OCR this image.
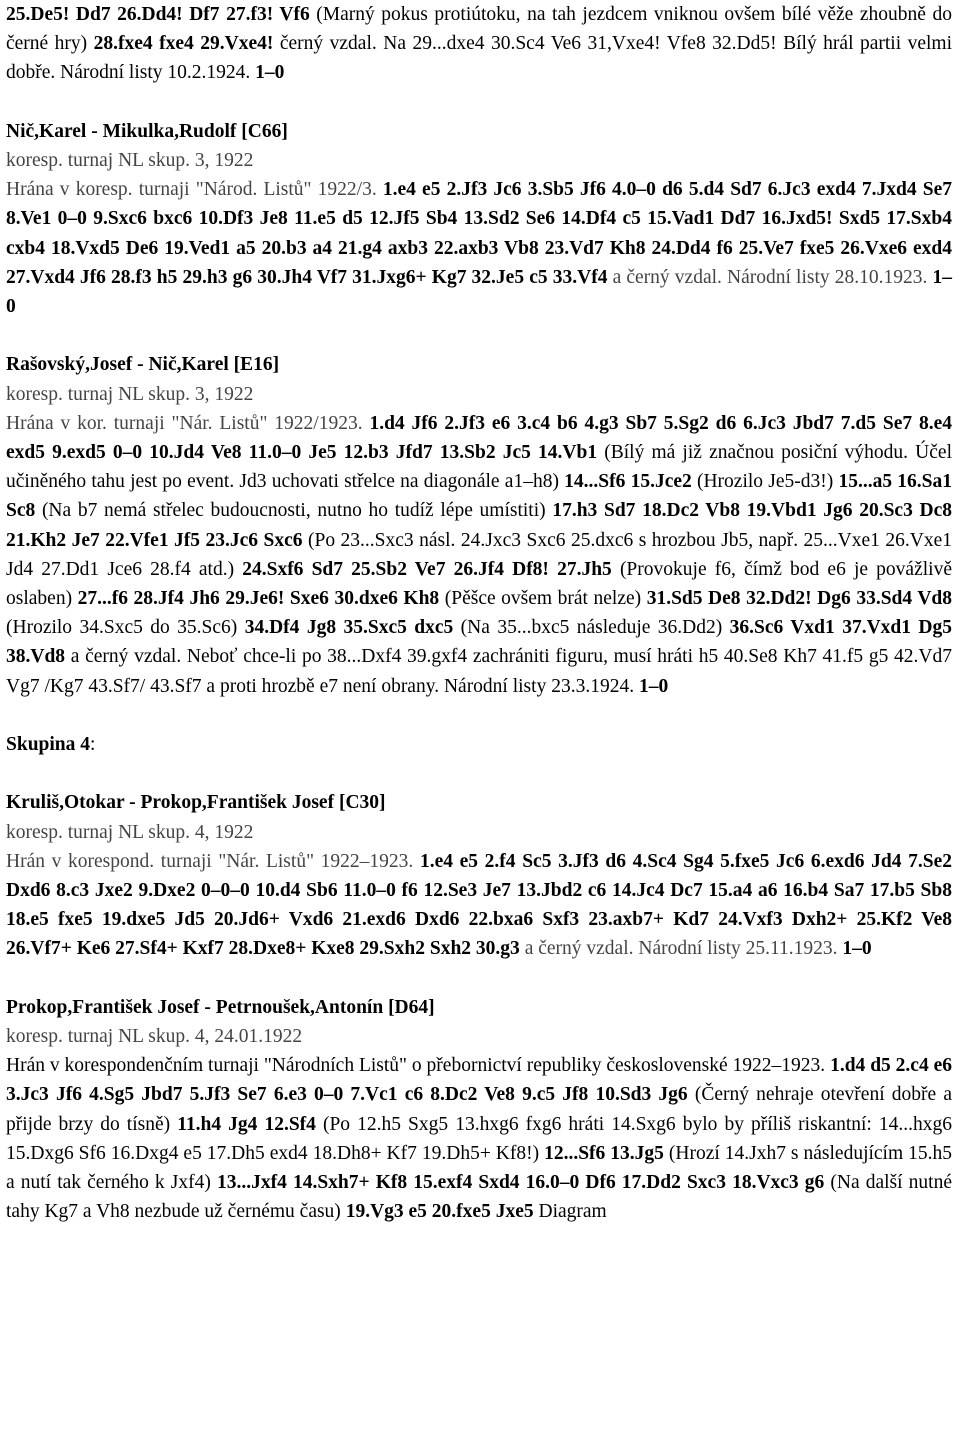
25.De5! Dd7 26.Dd4! Df7 27.f3! Vf6 (Marný pokus protiútoku, na tah jezdcem vniknou ovšem bílé věže zhoubně do černé hry) 28.fxe4 fxe4 29.Vxe4! černý vzdal. Na 29...dxe4 30.Sc4 Ve6 31,Vxe4! Vfe8 32.Dd5! Bílý hrál partii velmi dobře. Národní listy 10.2.1924. 1–0

Nič,Karel - Mikulka,Rudolf [C66]

koresp. turnaj NL skup. 3, 1922

Hrána v koresp. turnaji "Národ. Listů" 1922/3. 1.e4 e5 2.Jf3 Jc6 3.Sb5 Jf6 4.0–0 d6 5.d4 Sd7 6.Jc3 exd4 7.Jxd4 Se7 8.Ve1 0–0 9.Sxc6 bxc6 10.Df3 Je8 11.e5 d5 12.Jf5 Sb4 13.Sd2 Se6 14.Df4 c5 15.Vad1 Dd7 16.Jxd5! Sxd5 17.Sxb4 cxb4 18.Vxd5 De6 19.Ved1 a5 20.b3 a4 21.g4 axb3 22.axb3 Vb8 23.Vd7 Kh8 24.Dd4 f6 25.Ve7 fxe5 26.Vxe6 exd4 27.Vxd4 Jf6 28.f3 h5 29.h3 g6 30.Jh4 Vf7 31.Jxg6+ Kg7 32.Je5 c5 33.Vf4 a černý vzdal. Národní listy 28.10.1923. 1–0

Rašovský,Josef - Nič,Karel [E16]

koresp. turnaj NL skup. 3, 1922

Hrána v kor. turnaji "Nár. Listů" 1922/1923. 1.d4 Jf6 2.Jf3 e6 3.c4 b6 4.g3 Sb7 5.Sg2 d6 6.Jc3 Jbd7 7.d5 Se7 8.e4 exd5 9.exd5 0–0 10.Jd4 Ve8 11.0–0 Je5 12.b3 Jfd7 13.Sb2 Jc5 14.Vb1 (Bílý má již značnou posiční výhodu. Účel učiněného tahu jest po event. Jd3 uchovati střelce na diagonále a1–h8) 14...Sf6 15.Jce2 (Hrozilo Je5-d3!) 15...a5 16.Sa1 Sc8 (Na b7 nemá střelec budoucnosti, nutno ho tudíž lépe umístiti) 17.h3 Sd7 18.Dc2 Vb8 19.Vbd1 Jg6 20.Sc3 Dc8 21.Kh2 Je7 22.Vfe1 Jf5 23.Jc6 Sxc6 (Po 23...Sxc3 násl. 24.Jxc3 Sxc6 25.dxc6 s hrozbou Jb5, např. 25...Vxe1 26.Vxe1 Jd4 27.Dd1 Jce6 28.f4 atd.) 24.Sxf6 Sd7 25.Sb2 Ve7 26.Jf4 Df8! 27.Jh5 (Provokuje f6, čímž bod e6 je povážlivě oslaben) 27...f6 28.Jf4 Jh6 29.Je6! Sxe6 30.dxe6 Kh8 (Pěšce ovšem brát nelze) 31.Sd5 De8 32.Dd2! Dg6 33.Sd4 Vd8 (Hrozilo 34.Sxc5 do 35.Sc6) 34.Df4 Jg8 35.Sxc5 dxc5 (Na 35...bxc5 následuje 36.Dd2) 36.Sc6 Vxd1 37.Vxd1 Dg5 38.Vd8 a černý vzdal. Neboť chce-li po 38...Dxf4 39.gxf4 zachrániti figuru, musí hráti h5 40.Se8 Kh7 41.f5 g5 42.Vd7 Vg7 /Kg7 43.Sf7/ 43.Sf7 a proti hrozbě e7 není obrany. Národní listy 23.3.1924. 1–0

Skupina 4:

Kruliš,Otokar - Prokop,František Josef [C30]

koresp. turnaj NL skup. 4, 1922

Hrán v korespond. turnaji "Nár. Listů" 1922–1923. 1.e4 e5 2.f4 Sc5 3.Jf3 d6 4.Sc4 Sg4 5.fxe5 Jc6 6.exd6 Jd4 7.Se2 Dxd6 8.c3 Jxe2 9.Dxe2 0–0–0 10.d4 Sb6 11.0–0 f6 12.Se3 Je7 13.Jbd2 c6 14.Jc4 Dc7 15.a4 a6 16.b4 Sa7 17.b5 Sb8 18.e5 fxe5 19.dxe5 Jd5 20.Jd6+ Vxd6 21.exd6 Dxd6 22.bxa6 Sxf3 23.axb7+ Kd7 24.Vxf3 Dxh2+ 25.Kf2 Ve8 26.Vf7+ Ke6 27.Sf4+ Kxf7 28.Dxe8+ Kxe8 29.Sxh2 Sxh2 30.g3 a černý vzdal. Národní listy 25.11.1923. 1–0

Prokop,František Josef - Petrnoušek,Antonín [D64]

koresp. turnaj NL skup. 4, 24.01.1922

Hrán v korespondenčním turnaji "Národních Listů" o přebornictví republiky československé 1922–1923. 1.d4 d5 2.c4 e6 3.Jc3 Jf6 4.Sg5 Jbd7 5.Jf3 Se7 6.e3 0–0 7.Vc1 c6 8.Dc2 Ve8 9.c5 Jf8 10.Sd3 Jg6 (Černý nehraje otevření dobře a přijde brzy do tísně) 11.h4 Jg4 12.Sf4 (Po 12.h5 Sxg5 13.hxg6 fxg6 hráti 14.Sxg6 bylo by příliš riskantní: 14...hxg6 15.Dxg6 Sf6 16.Dxg4 e5 17.Dh5 exd4 18.Dh8+ Kf7 19.Dh5+ Kf8!) 12...Sf6 13.Jg5 (Hrozí 14.Jxh7 s následujícím 15.h5 a nutí tak černého k Jxf4) 13...Jxf4 14.Sxh7+ Kf8 15.exf4 Sxd4 16.0–0 Df6 17.Dd2 Sxc3 18.Vxc3 g6 (Na další nutné tahy Kg7 a Vh8 nezbude už černému času) 19.Vg3 e5 20.fxe5 Jxe5 Diagram
